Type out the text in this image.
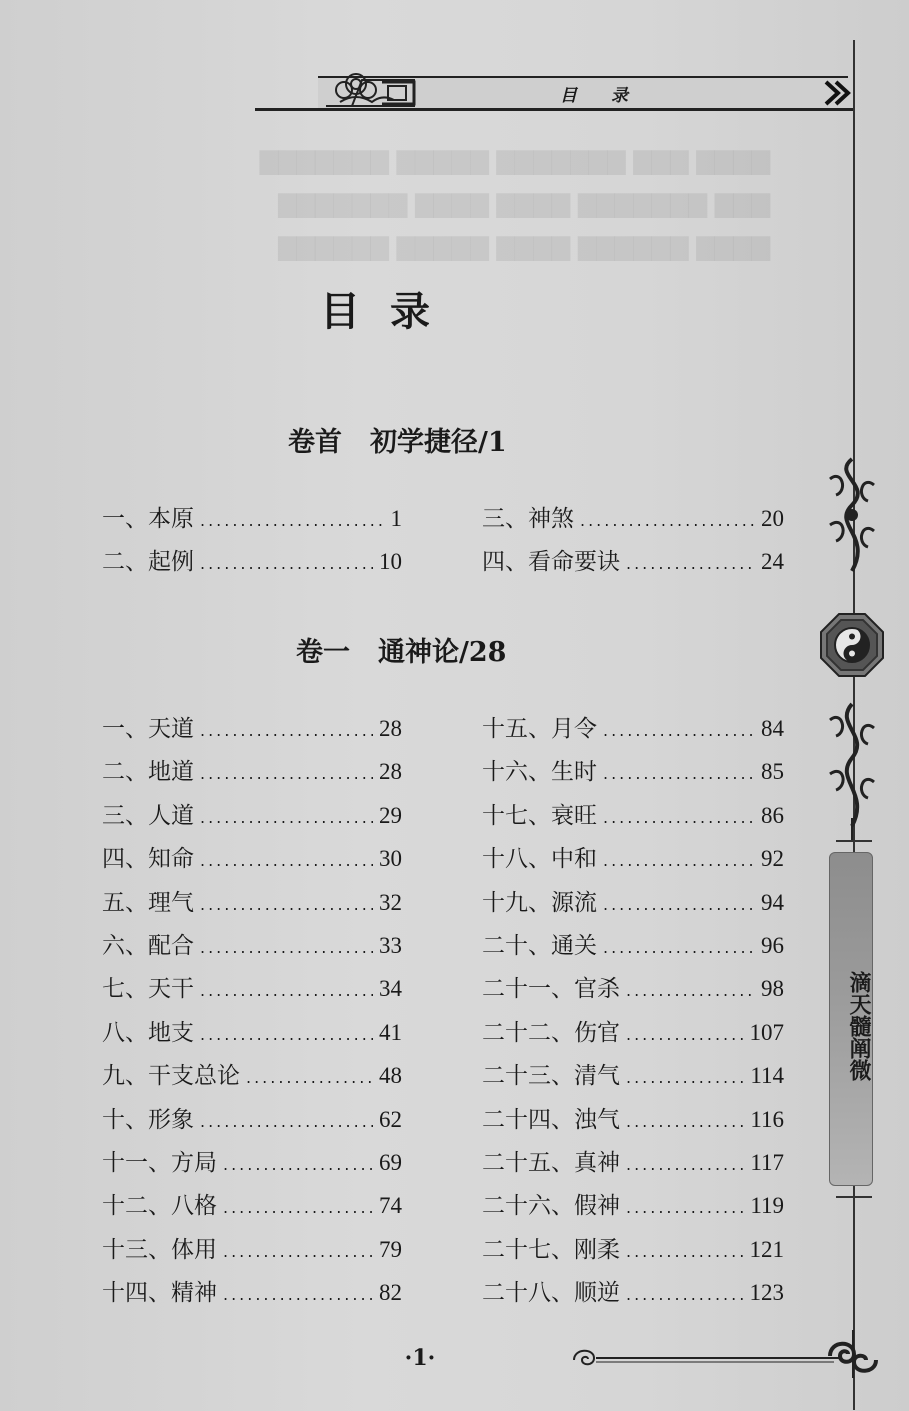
▇▇▇▇ ▇▇▇ ▇▇▇▇▇▇▇ ▇▇▇▇▇ ▇▇▇▇▇▇▇
▇▇▇ ▇▇▇▇▇▇▇ ▇▇▇▇ ▇▇▇▇ ▇▇▇▇▇▇▇
▇▇▇▇ ▇▇▇▇▇▇ ▇▇▇▇ ▇▇▇▇▇ ▇▇▇▇▇▇

目录
滴天髓阐微
目录
卷首 初学捷径/1
一、本原 .....	1
二、起例 .....	10
三、神煞 .....	20
四、看命要诀 .....	24
卷一 通神论/28
一、天道 .....	28
二、地道 .....	28
三、人道 .....	29
四、知命 .....	30
五、理气 .....	32
六、配合 .....	33
七、天干 .....	34
八、地支 .....	41
九、干支总论 .....	48
十、形象 .....	62
十一、方局 .....	69
十二、八格 .....	74
十三、体用 .....	79
十四、精神 .....	82
十五、月令 .....	84
十六、生时 .....	85
十七、衰旺 .....	86
十八、中和 .....	92
十九、源流 .....	94
二十、通关 .....	96
二十一、官杀 .....	98
二十二、伤官 .....	107
二十三、清气 .....	114
二十四、浊气 .....	116
二十五、真神 .....	117
二十六、假神 .....	119
二十七、刚柔 .....	121
二十八、顺逆 .....	123
·1·
